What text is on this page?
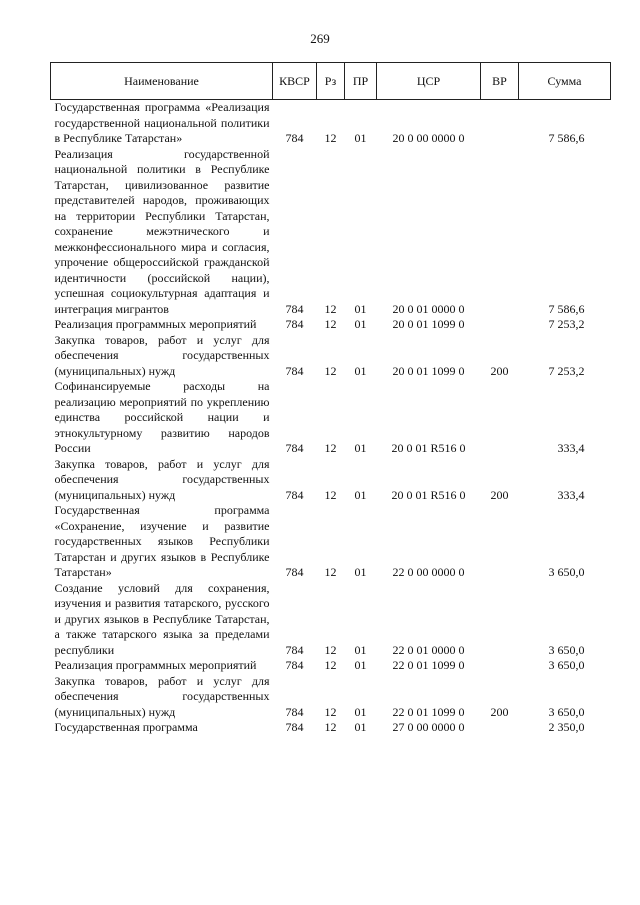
269
Наименование	КВСР	Рз	ПР	ЦСР	ВР	Сумма
Государственная программа «Реализация государственной национальной политики в Республике Татарстан»	784	12	01	20 0 00 0000 0		7 586,6
Реализация государственной национальной политики в Республике Татарстан, цивилизованное развитие представителей народов, проживающих на территории Республики Татарстан, сохранение межэтнического и межконфессионального мира и согласия, упрочение общероссийской гражданской идентичности (российской нации), успешная социокультурная адаптация и интеграция мигрантов	784	12	01	20 0 01 0000 0		7 586,6
Реализация программных мероприятий	784	12	01	20 0 01 1099 0		7 253,2
Закупка товаров, работ и услуг для обеспечения государственных (муниципальных) нужд	784	12	01	20 0 01 1099 0	200	7 253,2
Софинансируемые расходы на реализацию мероприятий по укреплению единства российской нации и этнокультурному развитию народов России	784	12	01	20 0 01 R516 0		333,4
Закупка товаров, работ и услуг для обеспечения государственных (муниципальных) нужд	784	12	01	20 0 01 R516 0	200	333,4
Государственная программа «Сохранение, изучение и развитие государственных языков Республики Татарстан и других языков в Республике Татарстан»	784	12	01	22 0 00 0000 0		3 650,0
Создание условий для сохранения, изучения и развития татарского, русского и других языков в Республике Татарстан, а также татарского языка за пределами республики	784	12	01	22 0 01 0000 0		3 650,0
Реализация программных мероприятий	784	12	01	22 0 01 1099 0		3 650,0
Закупка товаров, работ и услуг для обеспечения государственных (муниципальных) нужд	784	12	01	22 0 01 1099 0	200	3 650,0
Государственная программа	784	12	01	27 0 00 0000 0		2 350,0
